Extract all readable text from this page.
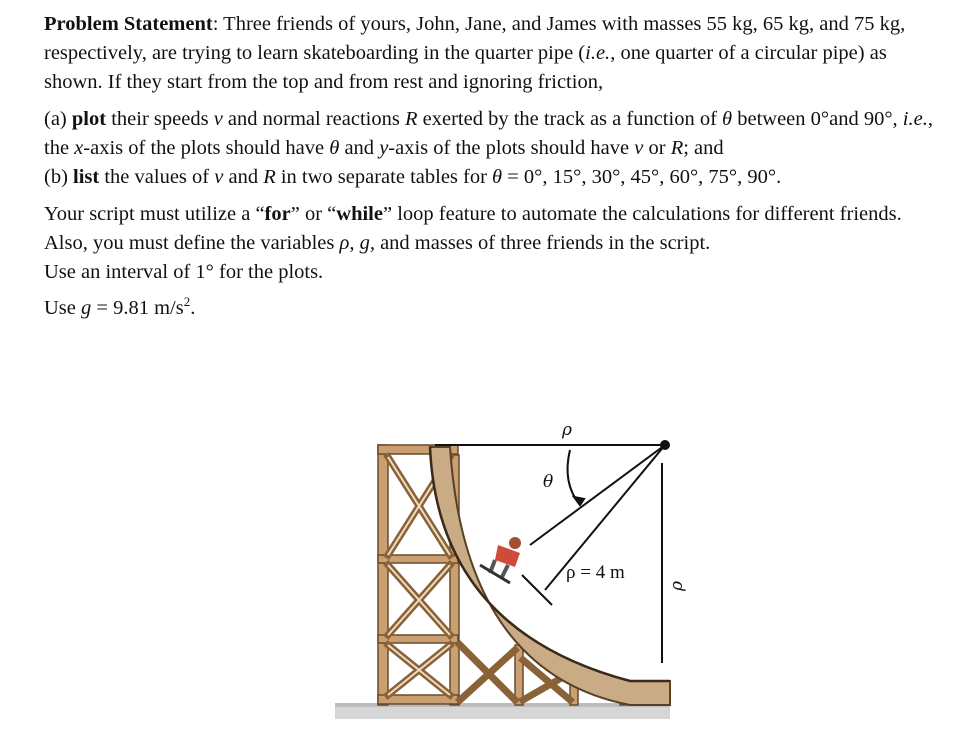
Problem Statement: Three friends of yours, John, Jane, and James with masses 55 kg, 65 kg, and 75 kg, respectively, are trying to learn skateboarding in the quarter pipe (i.e., one quarter of a circular pipe) as shown. If they start from the top and from rest and ignoring friction,

(a) plot their speeds v and normal reactions R exerted by the track as a function of θ between 0°and 90°, i.e., the x-axis of the plots should have θ and y-axis of the plots should have v or R; and

(b) list the values of v and R in two separate tables for θ = 0°, 15°, 30°, 45°, 60°, 75°, 90°.

Your script must utilize a “for” or “while” loop feature to automate the calculations for different friends. Also, you must define the variables ρ, g, and masses of three friends in the script.

Use an interval of 1° for the plots.

Use g = 9.81 $m/s^2$.

ρ
θ
ρ = 4 m
ρ
